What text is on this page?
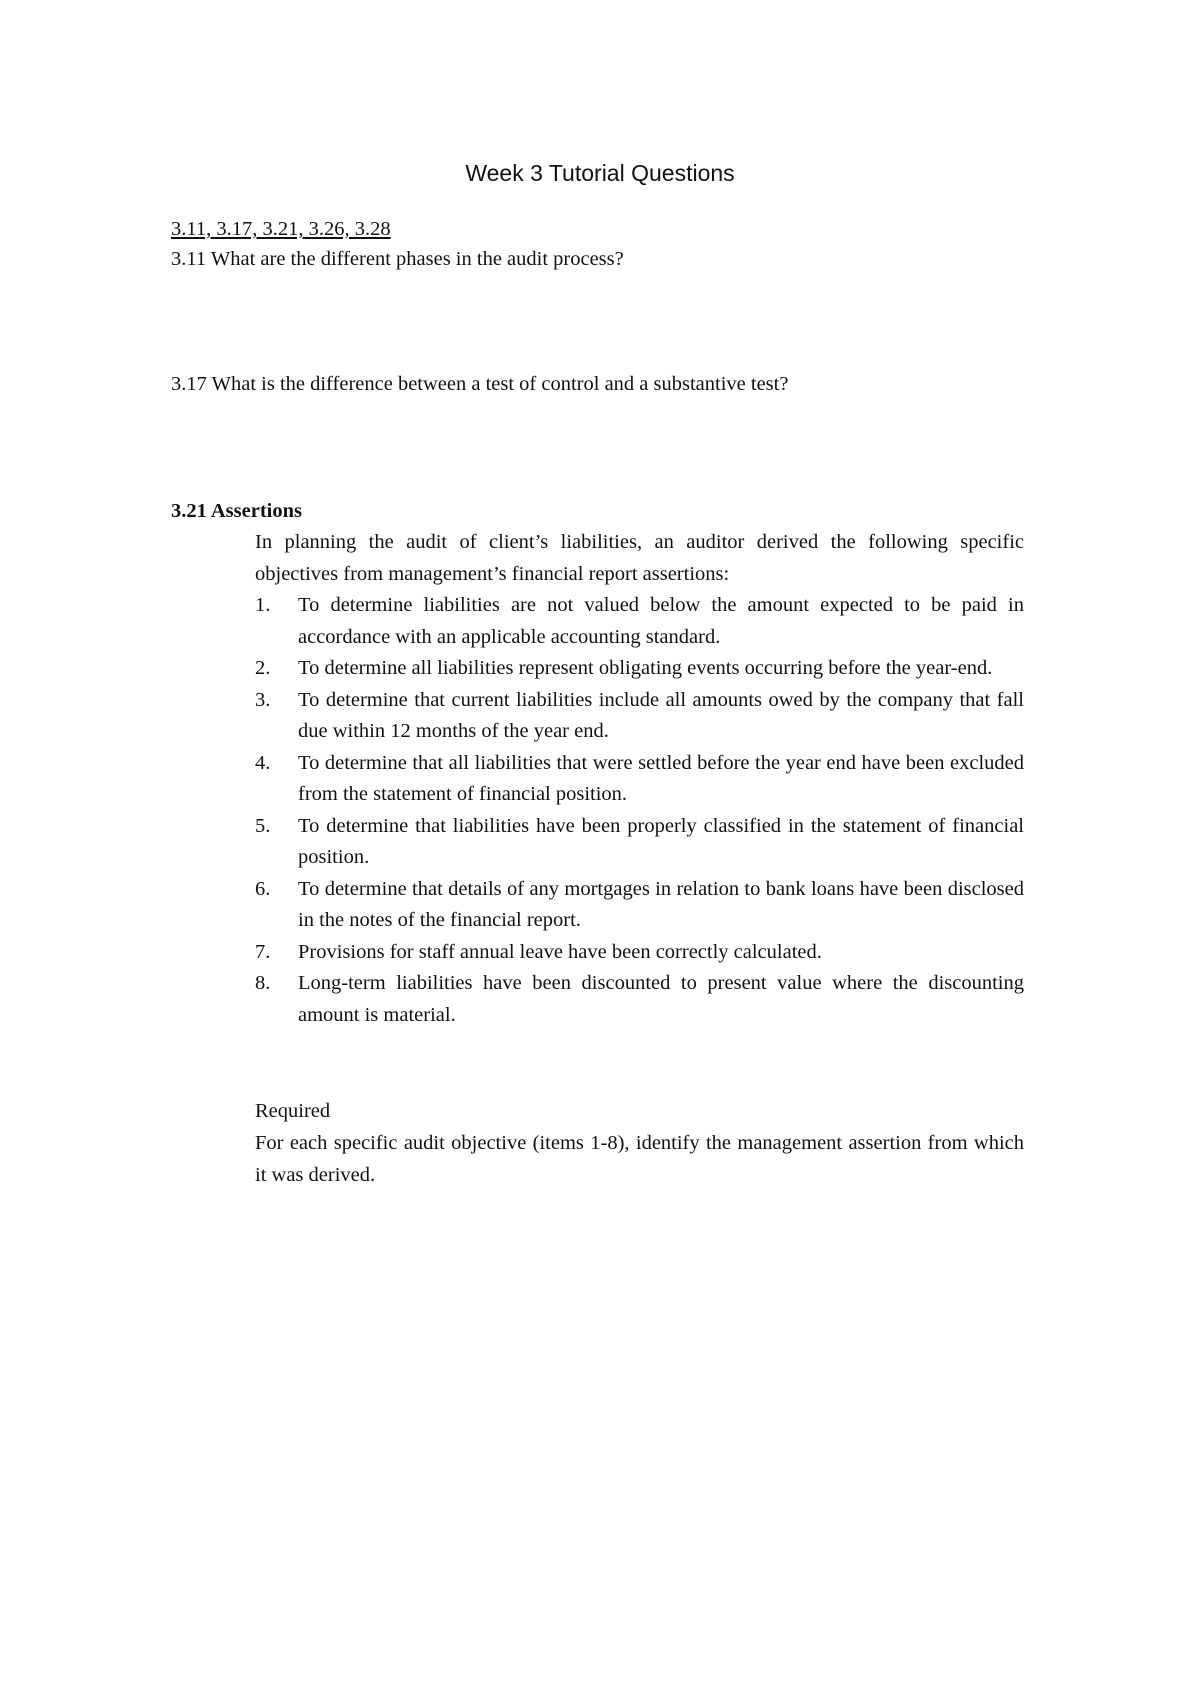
Week 3 Tutorial Questions
3.11, 3.17, 3.21, 3.26, 3.28
3.11 What are the different phases in the audit process?
3.17 What is the difference between a test of control and a substantive test?
3.21 Assertions
In planning the audit of client’s liabilities, an auditor derived the following specific objectives from management’s financial report assertions:
1. To determine liabilities are not valued below the amount expected to be paid in accordance with an applicable accounting standard.
2. To determine all liabilities represent obligating events occurring before the year-end.
3. To determine that current liabilities include all amounts owed by the company that fall due within 12 months of the year end.
4. To determine that all liabilities that were settled before the year end have been excluded from the statement of financial position.
5. To determine that liabilities have been properly classified in the statement of financial position.
6. To determine that details of any mortgages in relation to bank loans have been disclosed in the notes of the financial report.
7. Provisions for staff annual leave have been correctly calculated.
8. Long-term liabilities have been discounted to present value where the discounting amount is material.
Required
For each specific audit objective (items 1-8), identify the management assertion from which it was derived.
